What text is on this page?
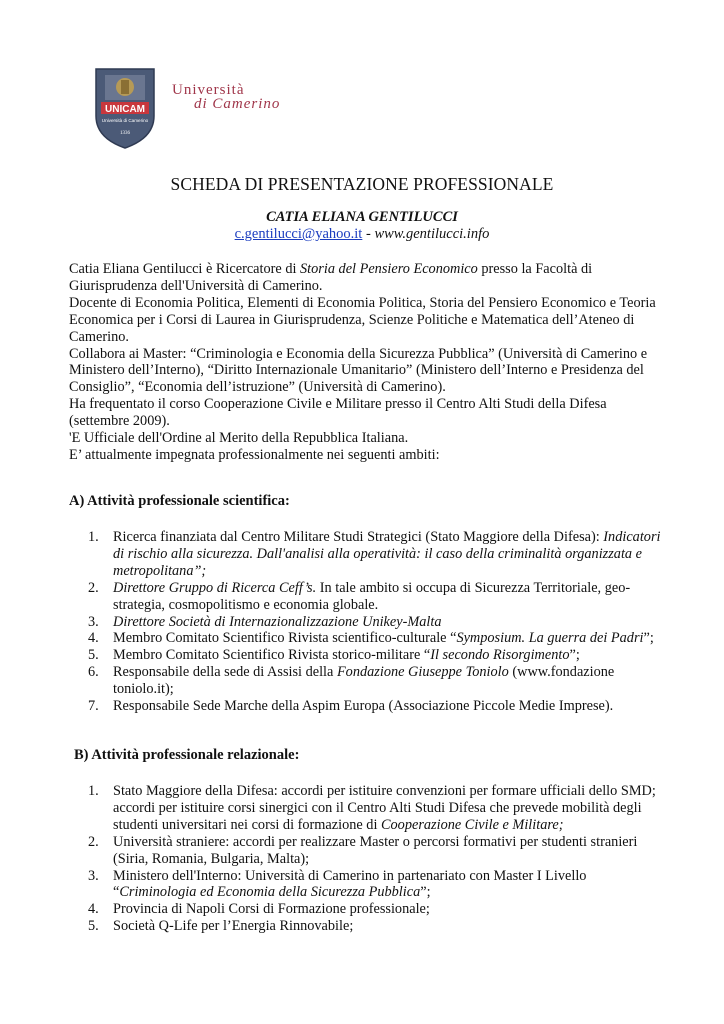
UNICAM
Università di Camerino
1336
Università
di Camerino
SCHEDA DI PRESENTAZIONE PROFESSIONALE
CATIA ELIANA GENTILUCCI
c.gentilucci@yahoo.it - www.gentilucci.info

Catia Eliana Gentilucci è Ricercatore di Storia del Pensiero Economico presso la Facoltà di Giurisprudenza dell'Università di Camerino.

Docente di Economia Politica, Elementi di Economia Politica, Storia del Pensiero Economico e Teoria Economica per i Corsi di Laurea in Giurisprudenza, Scienze Politiche e Matematica dell’Ateneo di Camerino.

Collabora ai Master: “Criminologia e Economia della Sicurezza Pubblica” (Università di Camerino e Ministero dell’Interno), “Diritto Internazionale Umanitario” (Ministero dell’Interno e Presidenza del Consiglio”, “Economia dell’istruzione” (Università di Camerino).

Ha frequentato il corso Cooperazione Civile e Militare presso il Centro Alti Studi della Difesa (settembre 2009).

'E Ufficiale dell'Ordine al Merito della Repubblica Italiana.

E’ attualmente impegnata professionalmente nei seguenti ambiti:

A) Attività professionale scientifica:
1. Ricerca finanziata dal Centro Militare Studi Strategici (Stato Maggiore della Difesa): Indicatori di rischio alla sicurezza. Dall'analisi alla operatività: il caso della criminalità organizzata e metropolitana”;
2. Direttore Gruppo di Ricerca Ceff’s. In tale ambito si occupa di Sicurezza Territoriale, geo-strategia, cosmopolitismo e economia globale.
3. Direttore Società di Internazionalizzazione Unikey-Malta
4. Membro Comitato Scientifico Rivista scientifico-culturale “Symposium. La guerra dei Padri”;
5. Membro Comitato Scientifico Rivista storico-militare “Il secondo Risorgimento”;
6. Responsabile della sede di Assisi della Fondazione Giuseppe Toniolo (www.fondazione toniolo.it);
7. Responsabile Sede Marche della Aspim Europa (Associazione Piccole Medie Imprese).
B) Attività professionale relazionale:
1. Stato Maggiore della Difesa: accordi per istituire convenzioni per formare ufficiali dello SMD; accordi per istituire corsi sinergici con il Centro Alti Studi Difesa che prevede mobilità degli studenti universitari nei corsi di formazione di Cooperazione Civile e Militare;
2. Università straniere: accordi per realizzare Master o percorsi formativi per studenti stranieri (Siria, Romania, Bulgaria, Malta);
3. Ministero dell'Interno: Università di Camerino in partenariato con Master I Livello “Criminologia ed Economia della Sicurezza Pubblica”;
4. Provincia di Napoli Corsi di Formazione professionale;
5. Società Q-Life per l’Energia Rinnovabile;
